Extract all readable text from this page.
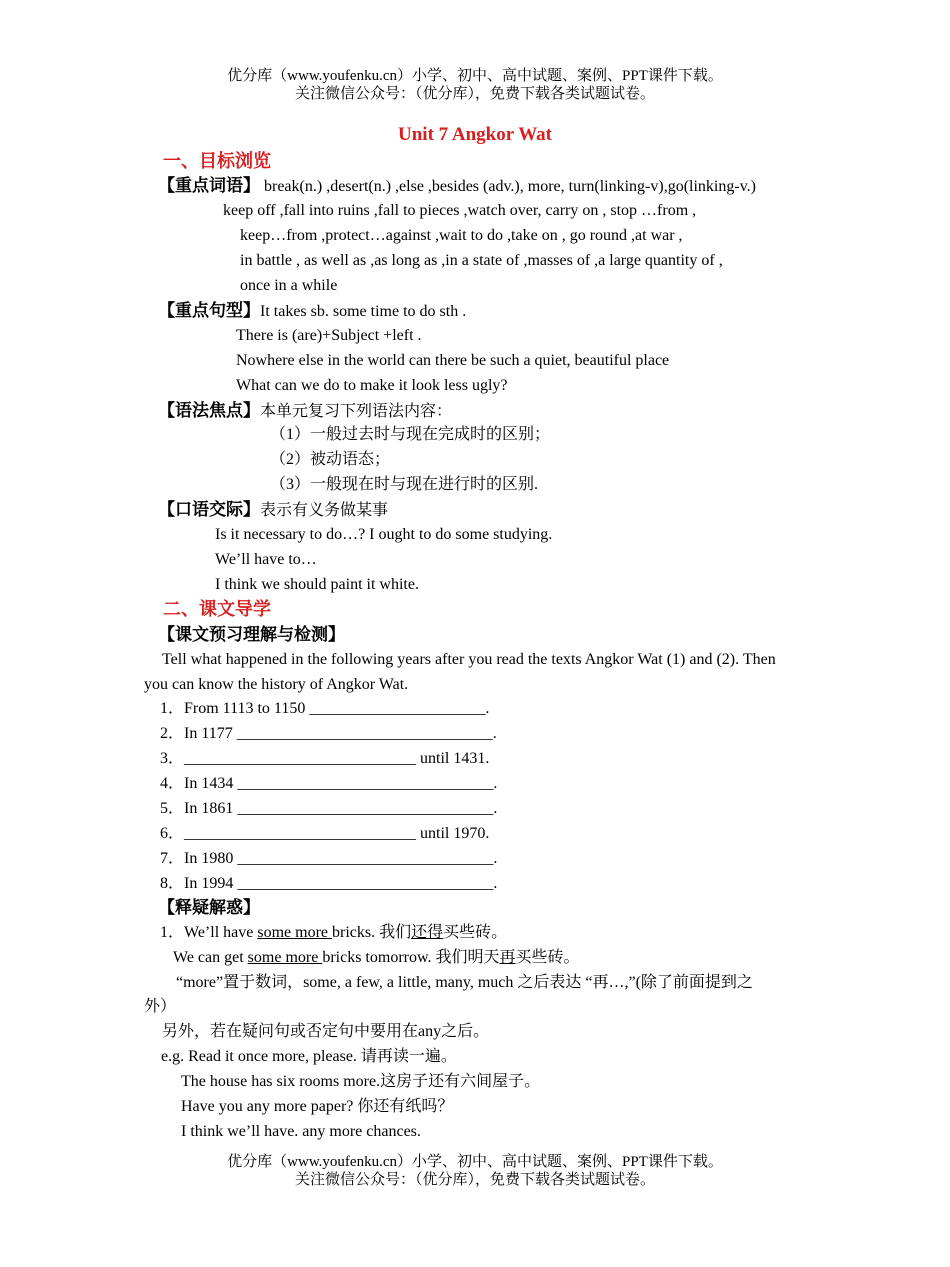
优分库（www.youfenku.cn）小学、初中、高中试题、案例、PPT课件下载。
关注微信公众号：（优分库），免费下载各类试题试卷。
Unit 7 Angkor Wat
一、目标浏览
【重点词语】 break(n.) ,desert(n.) ,else ,besides (adv.), more, turn(linking-v),go(linking-v.)
keep off ,fall into ruins ,fall to pieces ,watch over, carry on , stop …from ,
keep…from ,protect…against ,wait to do ,take on , go round ,at war ,
in battle , as well as ,as long as ,in a state of ,masses of ,a large quantity of ,
once in a while
【重点句型】It takes sb. some time to do sth .
There is (are)+Subject +left .
Nowhere else in the world can there be such a quiet, beautiful place
What can we do to make it look less ugly?
【语法焦点】本单元复习下列语法内容：
（1）一般过去时与现在完成时的区别；
（2）被动语态；
（3）一般现在时与现在进行时的区别.
【口语交际】表示有义务做某事
Is it necessary to do…? I ought to do some studying.
We’ll have to…
I think we should paint it white.
二、课文导学
【课文预习理解与检测】
Tell what happened in the following years after you read the texts Angkor Wat (1) and (2). Then
you can know the history of Angkor Wat.
1．From 1113 to 1150 ______________________.
2．In 1177 ________________________________.
3．_____________________________ until 1431.
4．In 1434 ________________________________.
5．In 1861 ________________________________.
6．_____________________________ until 1970.
7．In 1980 ________________________________.
8．In 1994 ________________________________.
【释疑解惑】
1．We’ll have some more bricks. 我们还得买些砖。
We can get some more bricks tomorrow. 我们明天再买些砖。
“more”置于数词，some, a few, a little, many, much 之后表达 “再…,”(除了前面提到之
外）
另外，若在疑问句或否定句中要用在any之后。
e.g. Read it once more, please. 请再读一遍。
The house has six rooms more.这房子还有六间屋子。
Have you any more paper? 你还有纸吗？
I think we’ll have. any more chances.
优分库（www.youfenku.cn）小学、初中、高中试题、案例、PPT课件下载。
关注微信公众号：（优分库），免费下载各类试题试卷。
